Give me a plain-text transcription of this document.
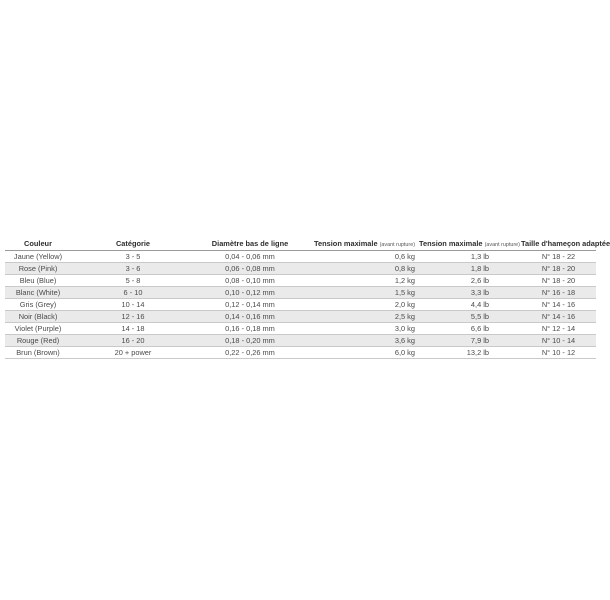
Couleur	Catégorie	Diamètre bas de ligne	Tension maximale (avant rupture)	Tension maximale (avant rupture)	Taille d'hameçon adaptée
Jaune (Yellow)	3 - 5	0,04 - 0,06 mm	0,6 kg	1,3 lb	N° 18 - 22
Rose (Pink)	3 - 6	0,06 - 0,08 mm	0,8 kg	1,8 lb	N° 18 - 20
Bleu (Blue)	5 - 8	0,08 - 0,10 mm	1,2 kg	2,6 lb	N° 18 - 20
Blanc (White)	6 - 10	0,10 - 0,12 mm	1,5 kg	3,3 lb	N° 16 - 18
Gris (Grey)	10 - 14	0,12 - 0,14 mm	2,0 kg	4,4 lb	N° 14 - 16
Noir (Black)	12 - 16	0,14 - 0,16 mm	2,5 kg	5,5 lb	N° 14 - 16
Violet (Purple)	14 - 18	0,16 - 0,18 mm	3,0 kg	6,6 lb	N° 12 - 14
Rouge (Red)	16 - 20	0,18 - 0,20 mm	3,6 kg	7,9 lb	N° 10 - 14
Brun (Brown)	20 + power	0,22 - 0,26 mm	6,0 kg	13,2 lb	N° 10 - 12
